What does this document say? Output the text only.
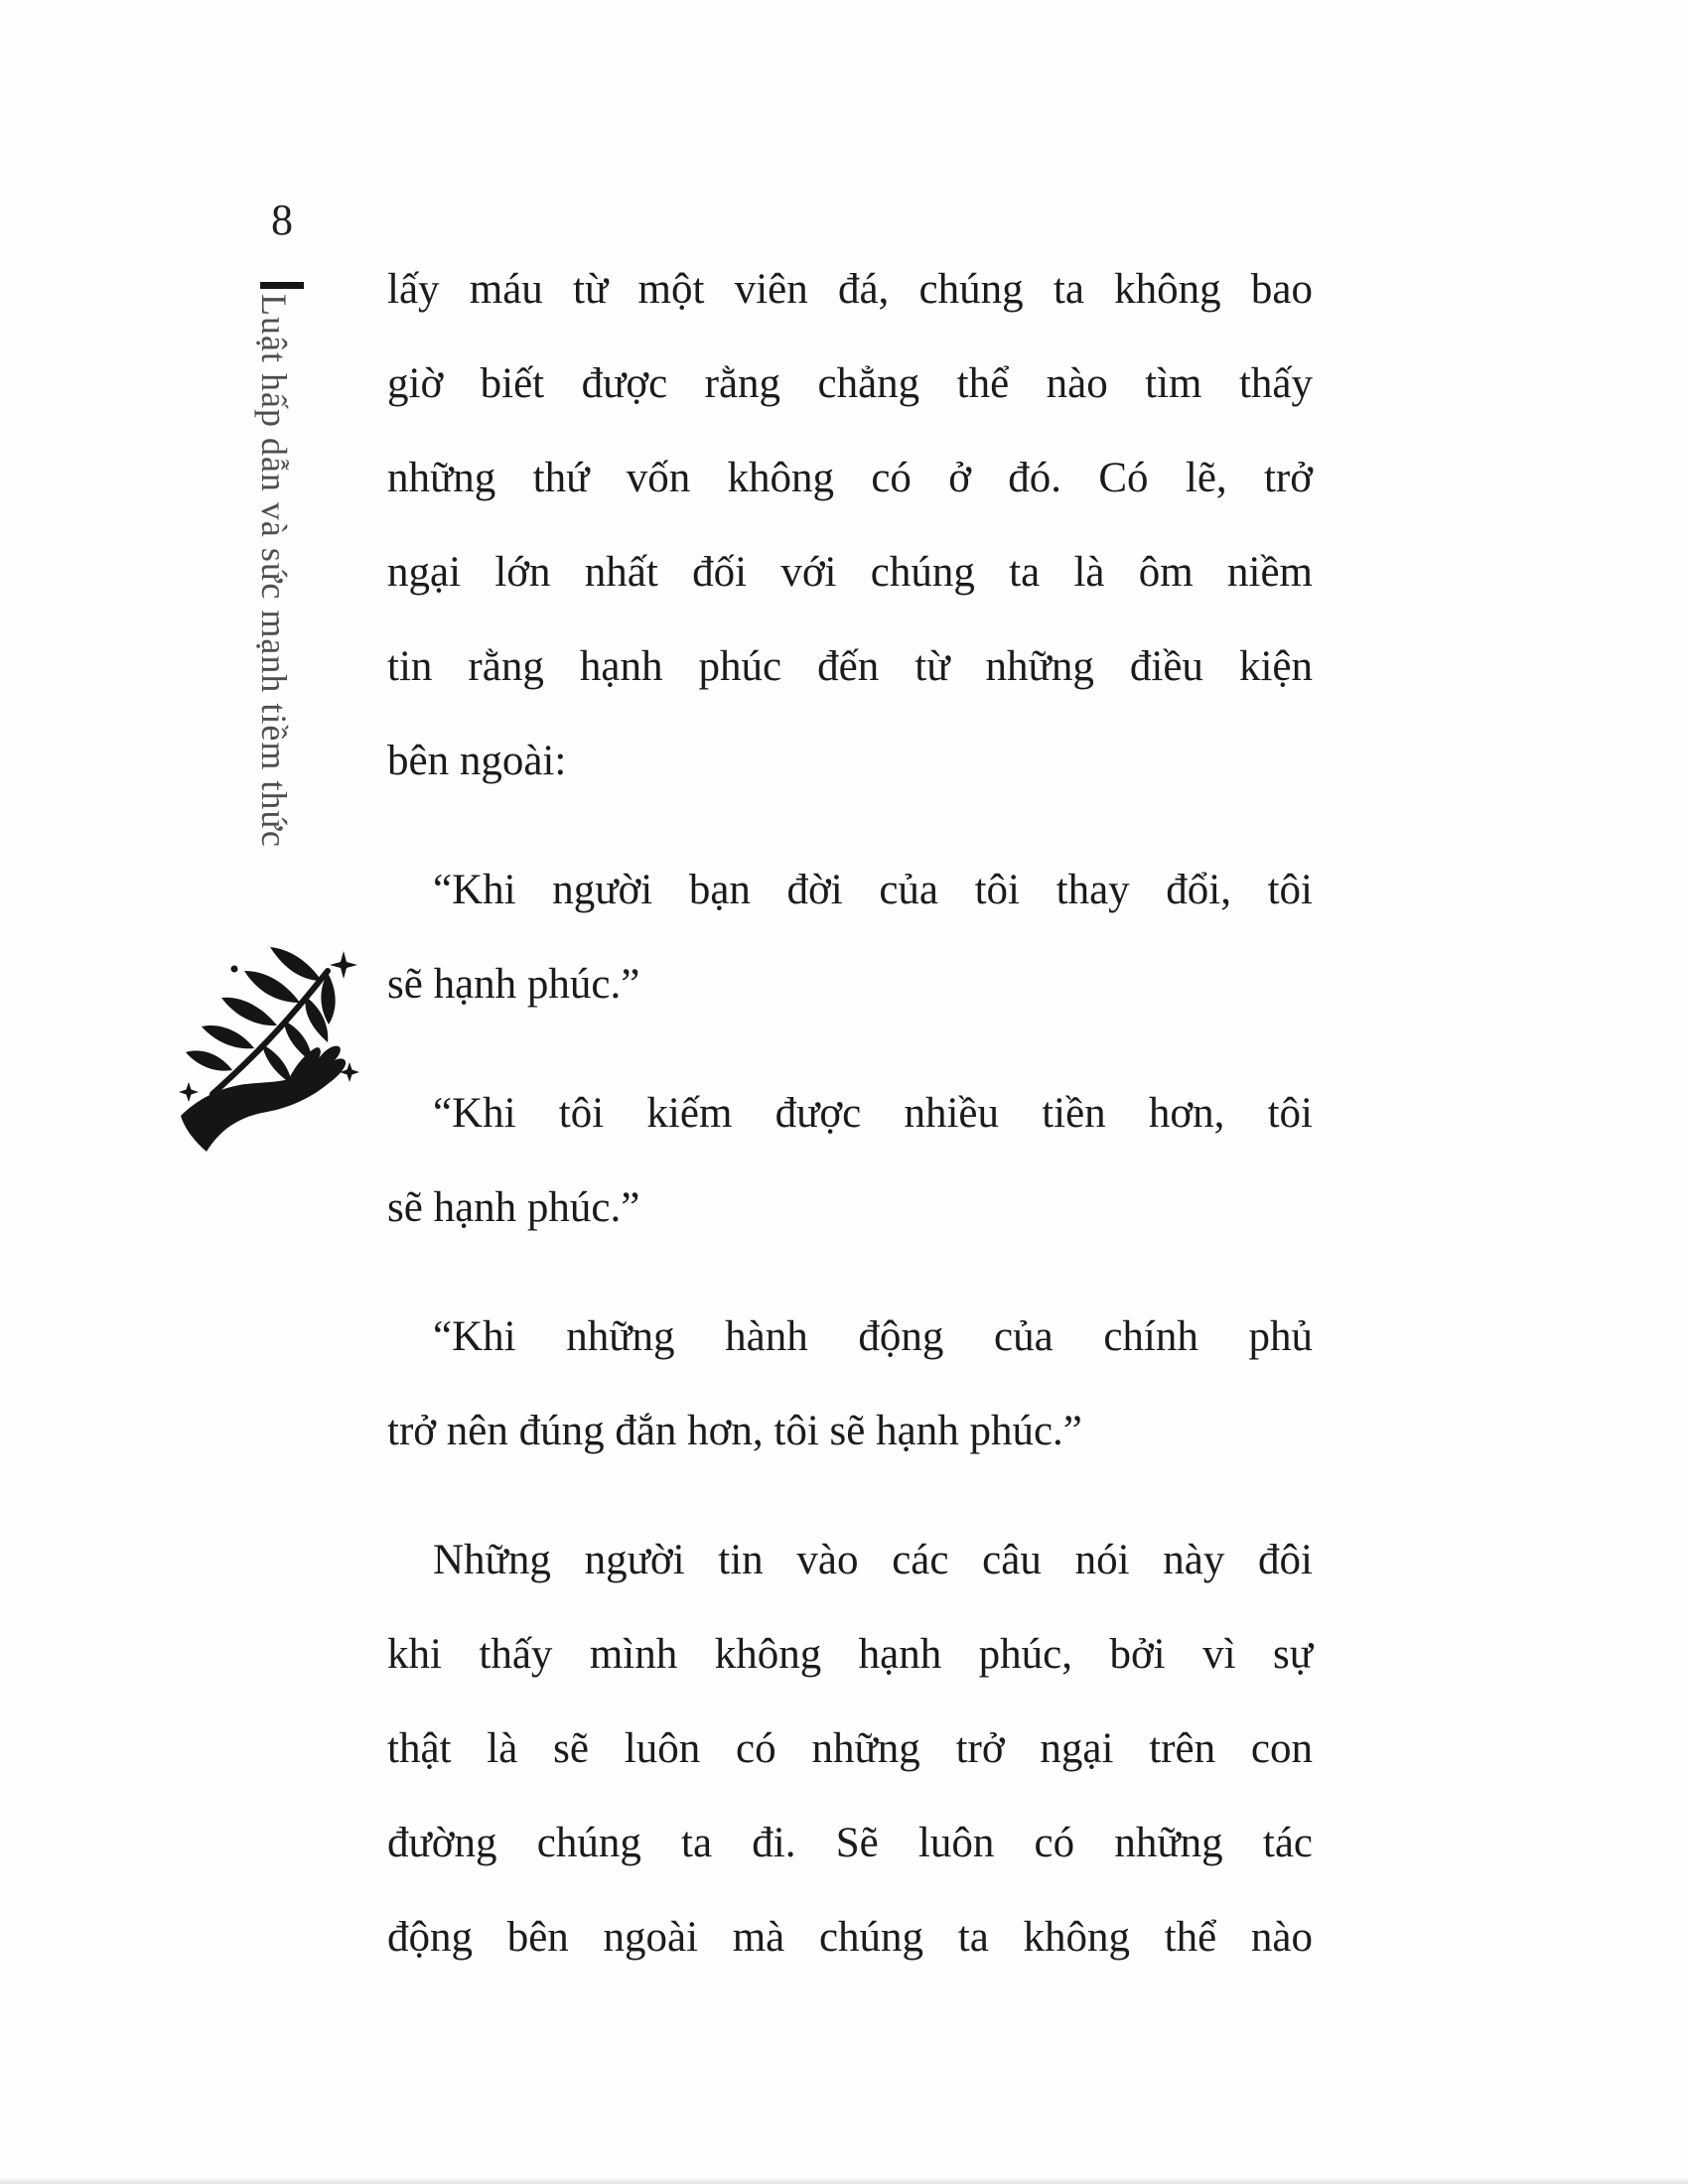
8
Luật hấp dẫn và sức mạnh tiềm thức
lấy máu từ một viên đá, chúng ta không bao
giờ biết được rằng chẳng thể nào tìm thấy
những thứ vốn không có ở đó. Có lẽ, trở
ngại lớn nhất đối với chúng ta là ôm niềm
tin rằng hạnh phúc đến từ những điều kiện
bên ngoài:
“Khi người bạn đời của tôi thay đổi, tôi
sẽ hạnh phúc.”
“Khi tôi kiếm được nhiều tiền hơn, tôi
sẽ hạnh phúc.”
“Khi những hành động của chính phủ
trở nên đúng đắn hơn, tôi sẽ hạnh phúc.”
Những người tin vào các câu nói này đôi
khi thấy mình không hạnh phúc, bởi vì sự
thật là sẽ luôn có những trở ngại trên con
đường chúng ta đi. Sẽ luôn có những tác
động bên ngoài mà chúng ta không thể nào
